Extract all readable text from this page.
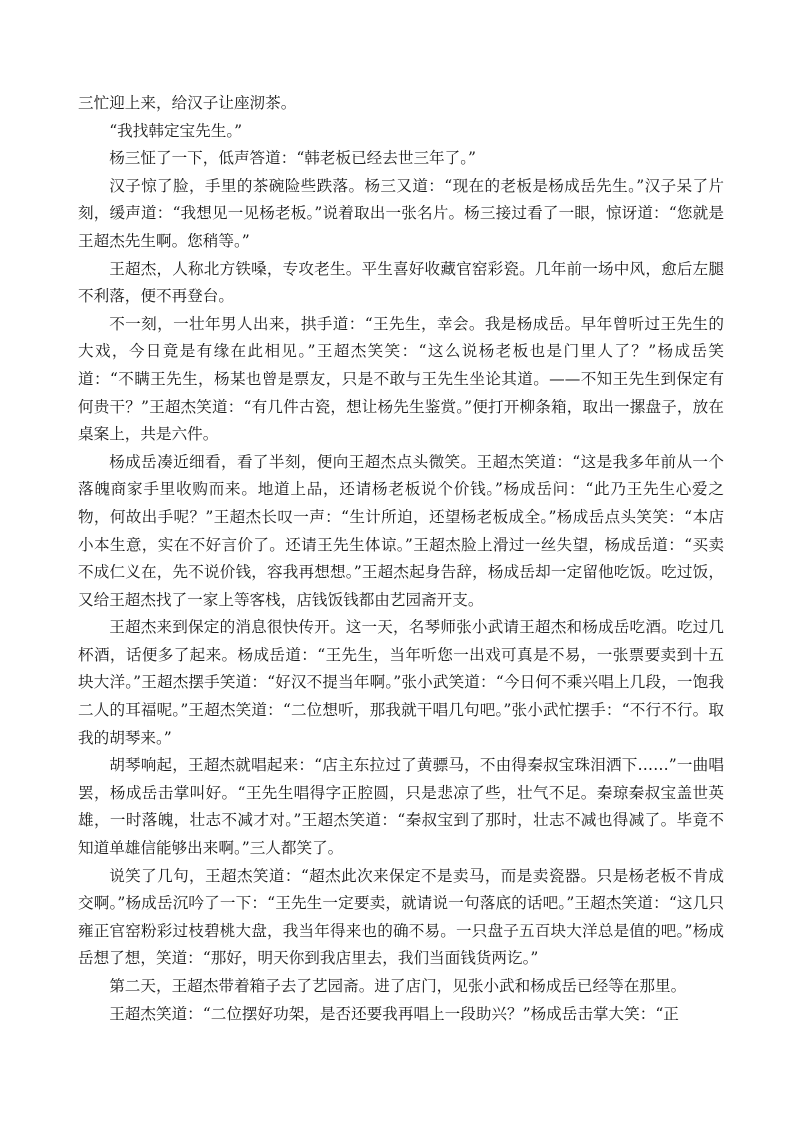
三忙迎上来，给汉子让座沏茶。

“我找韩定宝先生。”

杨三怔了一下，低声答道：“韩老板已经去世三年了。”

汉子惊了脸，手里的茶碗险些跌落。杨三又道：“现在的老板是杨成岳先生。”汉子呆了片刻，缓声道：“我想见一见杨老板。”说着取出一张名片。杨三接过看了一眼，惊讶道：“您就是王超杰先生啊。您稍等。”

王超杰，人称北方铁嗓，专攻老生。平生喜好收藏官窑彩瓷。几年前一场中风，愈后左腿不利落，便不再登台。

不一刻，一壮年男人出来，拱手道：“王先生，幸会。我是杨成岳。早年曾听过王先生的大戏，今日竟是有缘在此相见。”王超杰笑笑：“这么说杨老板也是门里人了？”杨成岳笑道：“不瞒王先生，杨某也曾是票友，只是不敢与王先生坐论其道。——不知王先生到保定有何贵干？”王超杰笑道：“有几件古瓷，想让杨先生鉴赏。”便打开柳条箱，取出一摞盘子，放在桌案上，共是六件。

杨成岳凑近细看，看了半刻，便向王超杰点头微笑。王超杰笑道：“这是我多年前从一个落魄商家手里收购而来。地道上品，还请杨老板说个价钱。”杨成岳问：“此乃王先生心爱之物，何故出手呢？”王超杰长叹一声：“生计所迫，还望杨老板成全。”杨成岳点头笑笑：“本店小本生意，实在不好言价了。还请王先生体谅。”王超杰脸上滑过一丝失望，杨成岳道：“买卖不成仁义在，先不说价钱，容我再想想。”王超杰起身告辞，杨成岳却一定留他吃饭。吃过饭，又给王超杰找了一家上等客栈，店钱饭钱都由艺园斋开支。

王超杰来到保定的消息很快传开。这一天，名琴师张小武请王超杰和杨成岳吃酒。吃过几杯酒，话便多了起来。杨成岳道：“王先生，当年听您一出戏可真是不易，一张票要卖到十五块大洋。”王超杰摆手笑道：“好汉不提当年啊。”张小武笑道：“今日何不乘兴唱上几段，一饱我二人的耳福呢。”王超杰笑道：“二位想听，那我就干唱几句吧。”张小武忙摆手：“不行不行。取我的胡琴来。”

胡琴响起，王超杰就唱起来：“店主东拉过了黄骠马，不由得秦叔宝珠泪洒下……”一曲唱罢，杨成岳击掌叫好。“王先生唱得字正腔圆，只是悲凉了些，壮气不足。秦琼秦叔宝盖世英雄，一时落魄，壮志不减才对。”王超杰笑道：“秦叔宝到了那时，壮志不减也得减了。毕竟不知道单雄信能够出来啊。”三人都笑了。

说笑了几句，王超杰笑道：“超杰此次来保定不是卖马，而是卖瓷器。只是杨老板不肯成交啊。”杨成岳沉吟了一下：“王先生一定要卖，就请说一句落底的话吧。”王超杰笑道：“这几只雍正官窑粉彩过枝碧桃大盘，我当年得来也的确不易。一只盘子五百块大洋总是值的吧。”杨成岳想了想，笑道：“那好，明天你到我店里去，我们当面钱货两讫。”

第二天，王超杰带着箱子去了艺园斋。进了店门，见张小武和杨成岳已经等在那里。

王超杰笑道：“二位摆好功架，是否还要我再唱上一段助兴？”杨成岳击掌大笑：“正
